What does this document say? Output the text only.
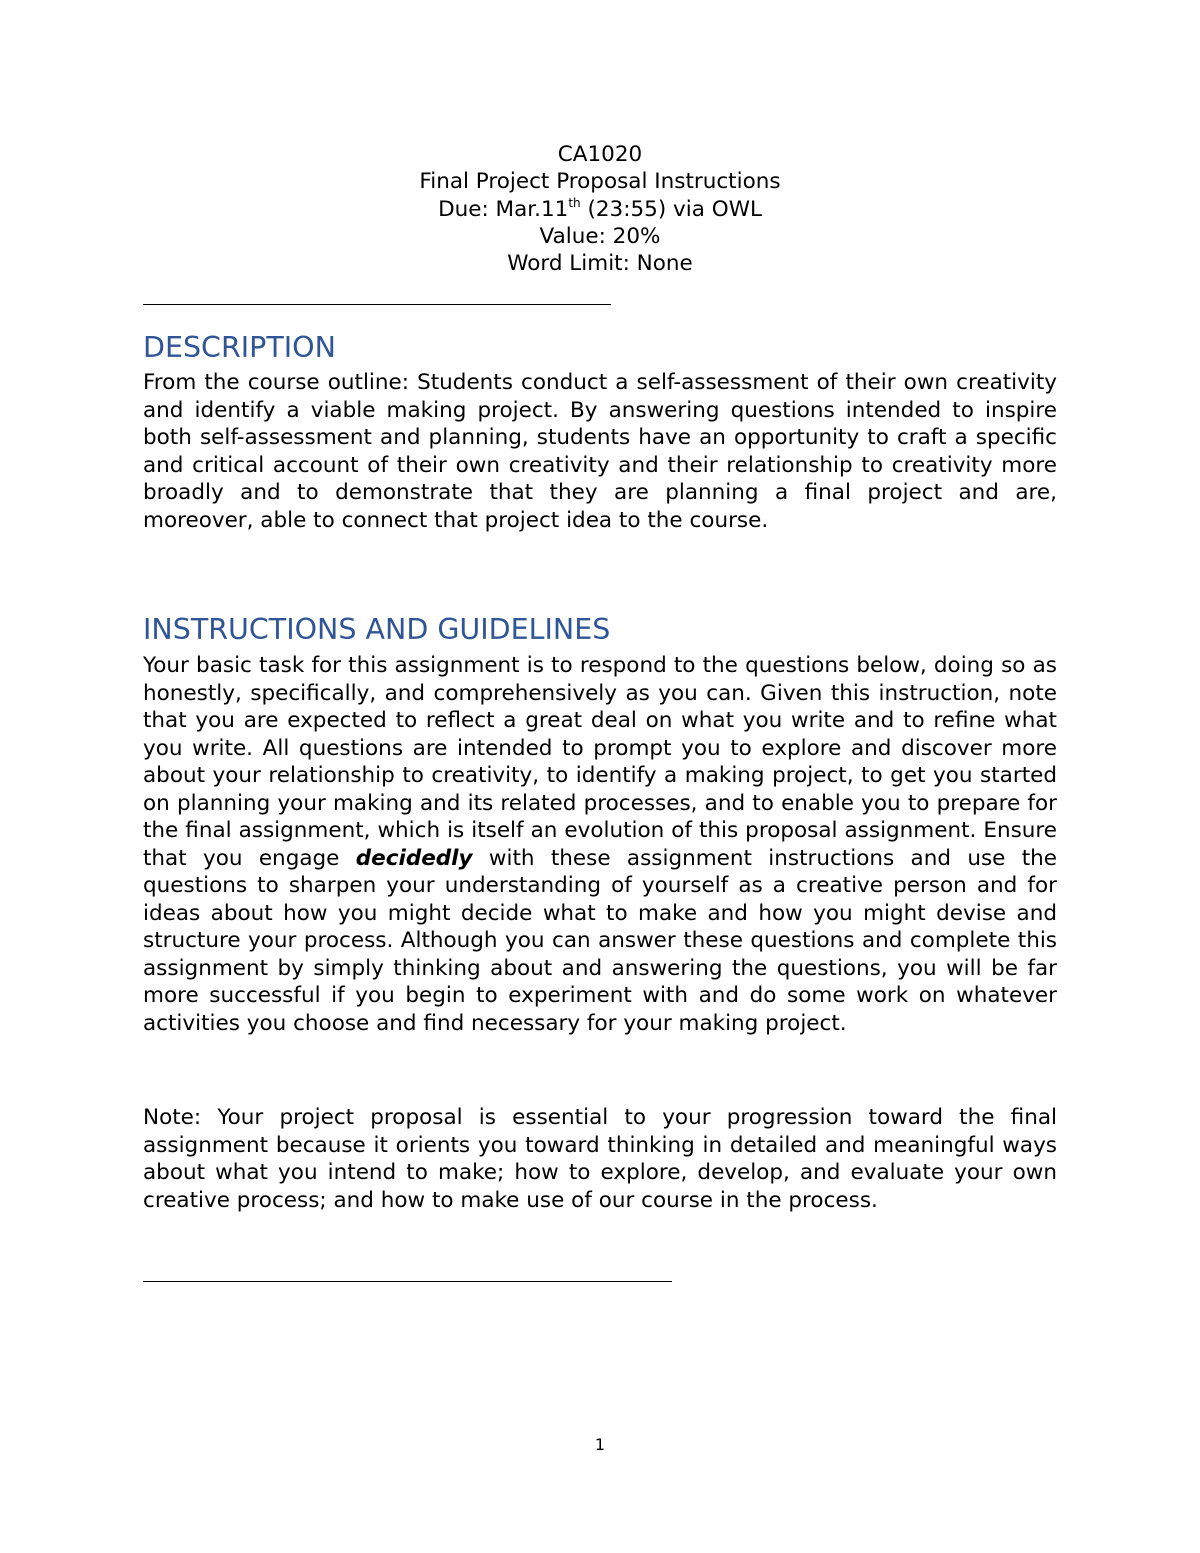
CA1020
Final Project Proposal Instructions
Due: Mar.11th (23:55) via OWL
Value: 20%
Word Limit: None
DESCRIPTION

From the course outline: Students conduct a self-assessment of their own creativity and identify a viable making project. By answering questions intended to inspire both self-assessment and planning, students have an opportunity to craft a specific and critical account of their own creativity and their relationship to creativity more broadly and to demonstrate that they are planning a final project and are, moreover, able to connect that project idea to the course.

INSTRUCTIONS AND GUIDELINES

Your basic task for this assignment is to respond to the questions below, doing so as honestly, specifically, and comprehensively as you can. Given this instruction, note that you are expected to reflect a great deal on what you write and to refine what you write. All questions are intended to prompt you to explore and discover more about your relationship to creativity, to identify a making project, to get you started on planning your making and its related processes, and to enable you to prepare for the final assignment, which is itself an evolution of this proposal assignment. Ensure that you engage decidedly with these assignment instructions and use the questions to sharpen your understanding of yourself as a creative person and for ideas about how you might decide what to make and how you might devise and structure your process. Although you can answer these questions and complete this assignment by simply thinking about and answering the questions, you will be far more successful if you begin to experiment with and do some work on whatever activities you choose and find necessary for your making project.

Note: Your project proposal is essential to your progression toward the final assignment because it orients you toward thinking in detailed and meaningful ways about what you intend to make; how to explore, develop, and evaluate your own creative process; and how to make use of our course in the process.

1
